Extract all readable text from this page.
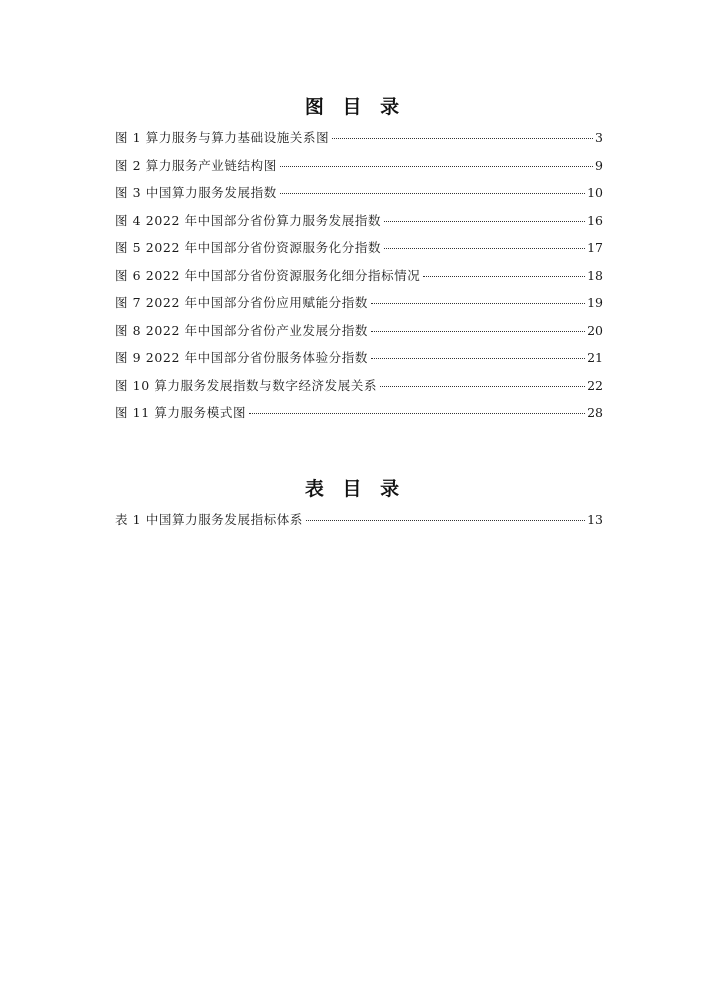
图 目 录
图 1 算力服务与算力基础设施关系图	3
图 2 算力服务产业链结构图	9
图 3 中国算力服务发展指数	10
图 4 2022 年中国部分省份算力服务发展指数	16
图 5 2022 年中国部分省份资源服务化分指数	17
图 6 2022 年中国部分省份资源服务化细分指标情况	18
图 7 2022 年中国部分省份应用赋能分指数	19
图 8 2022 年中国部分省份产业发展分指数	20
图 9 2022 年中国部分省份服务体验分指数	21
图 10 算力服务发展指数与数字经济发展关系	22
图 11 算力服务模式图	28
表 目 录
表 1 中国算力服务发展指标体系	13
